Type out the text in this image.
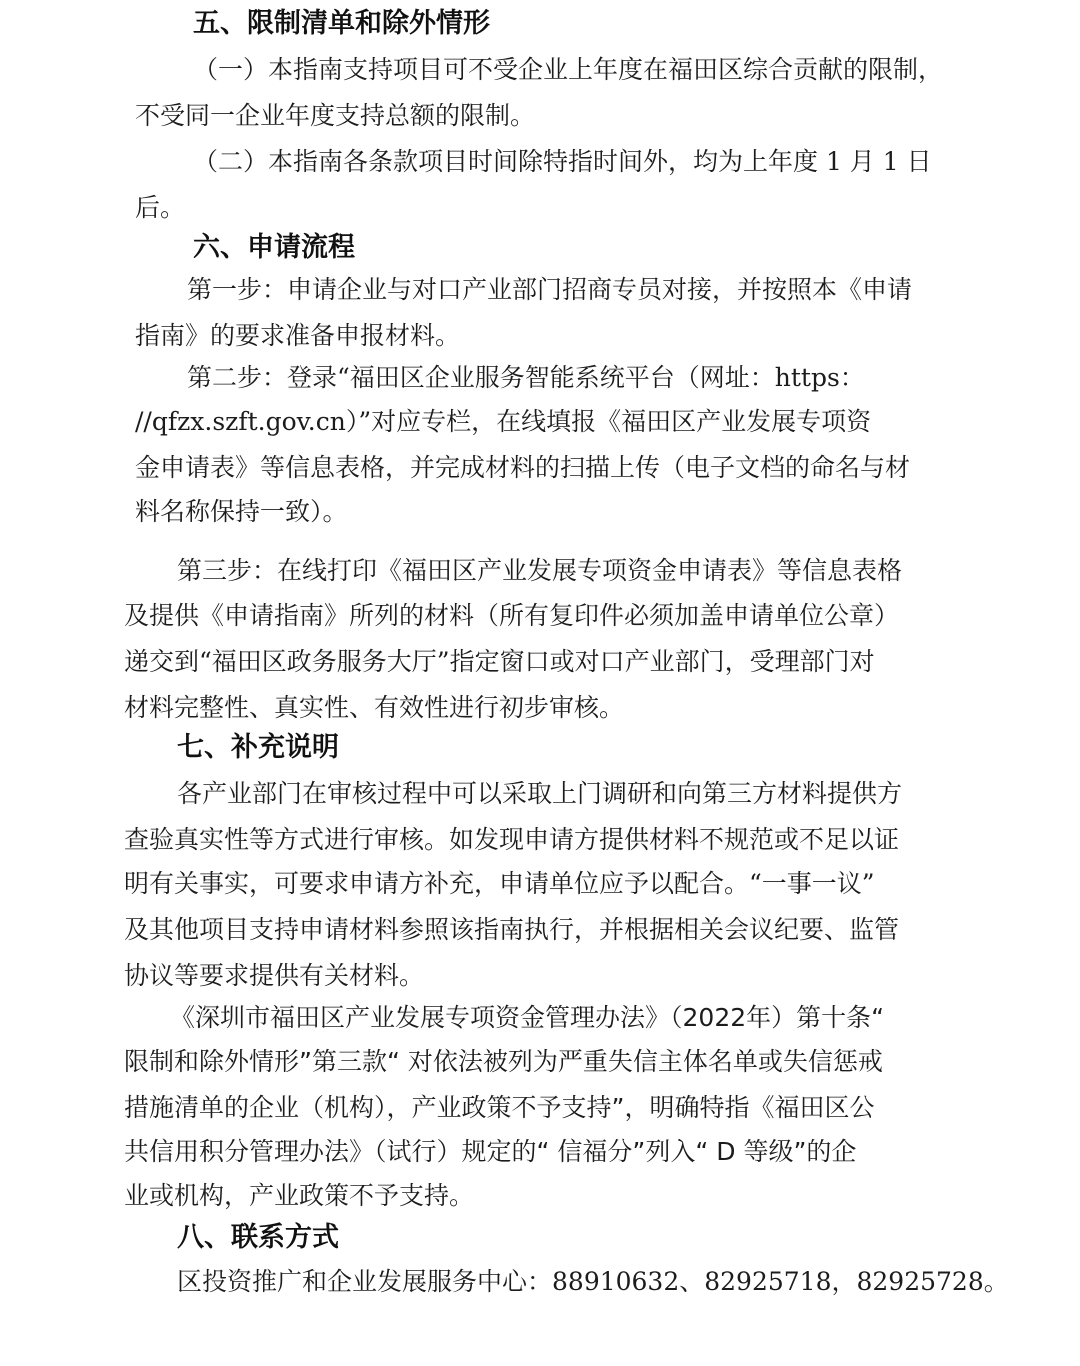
五、限制清单和除外情形

（一）本指南支持项目可不受企业上年度在福田区综合贡献的限制，

不受同一企业年度支持总额的限制。

（二）本指南各条款项目时间除特指时间外，均为上年度 1 月 1 日

后。

六、申请流程

第一步：申请企业与对口产业部门招商专员对接，并按照本《申请

指南》的要求准备申报材料。

第二步：登录“福田区企业服务智能系统平台（网址：https：

//qfzx.szft.gov.cn）”对应专栏，在线填报《福田区产业发展专项资

金申请表》等信息表格，并完成材料的扫描上传（电子文档的命名与材

料名称保持一致）。

第三步：在线打印《福田区产业发展专项资金申请表》等信息表格

及提供《申请指南》所列的材料（所有复印件必须加盖申请单位公章）

递交到“福田区政务服务大厅”指定窗口或对口产业部门，受理部门对

材料完整性、真实性、有效性进行初步审核。

七、补充说明

各产业部门在审核过程中可以采取上门调研和向第三方材料提供方

查验真实性等方式进行审核。如发现申请方提供材料不规范或不足以证

明有关事实，可要求申请方补充，申请单位应予以配合。“一事一议”

及其他项目支持申请材料参照该指南执行，并根据相关会议纪要、监管

协议等要求提供有关材料。

《深圳市福田区产业发展专项资金管理办法》（2022年）第十条“

限制和除外情形”第三款“ 对依法被列为严重失信主体名单或失信惩戒

措施清单的企业（机构），产业政策不予支持”，明确特指《福田区公

共信用积分管理办法》（试行）规定的“ 信福分”列入“ D 等级”的企

业或机构，产业政策不予支持。

八、联系方式

区投资推广和企业发展服务中心：88910632、82925718，82925728。
